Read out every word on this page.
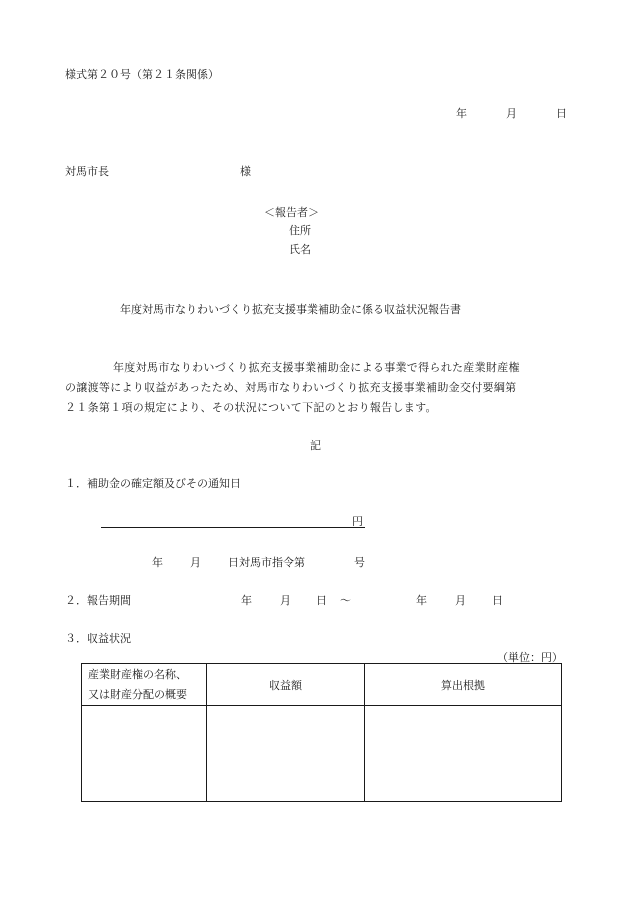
様式第２０号（第２１条関係）
年	月	日
対馬市長	様
＜報告者＞
住所
氏名
年度対馬市なりわいづくり拡充支援事業補助金に係る収益状況報告書
年度対馬市なりわいづくり拡充支援事業補助金による事業で得られた産業財産権
の譲渡等により収益があったため、対馬市なりわいづくり拡充支援事業補助金交付要綱第
２１条第１項の規定により、その状況について下記のとおり報告します。
記
１．補助金の確定額及びその通知日
円
年 月 日対馬市指令第	号
２．報告期間	年	月 日 ～	年	月 日
３．収益状況
（単位：円）
産業財産権の名称、
又は財産分配の概要	収益額	算出根拠
